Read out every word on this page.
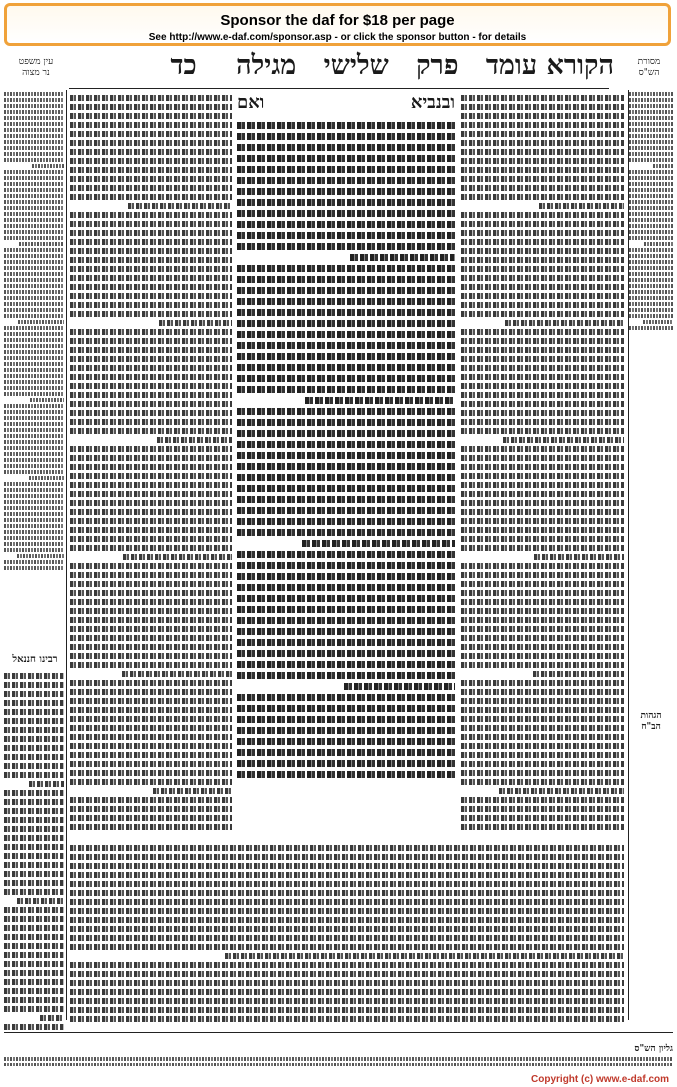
Sponsor the daf for $18 per page
See http://www.e-daf.com/sponsor.asp - or click the sponsor button - for details
הקורא עומד פרק שלישי מגילה כד	מסורת
הש"ס
עין משפט
נר מצוה
ובנביא
ואם
רבינו חננאל
הגהות הב"ח
גליון הש"ס
Copyright (c) www.e-daf.com
